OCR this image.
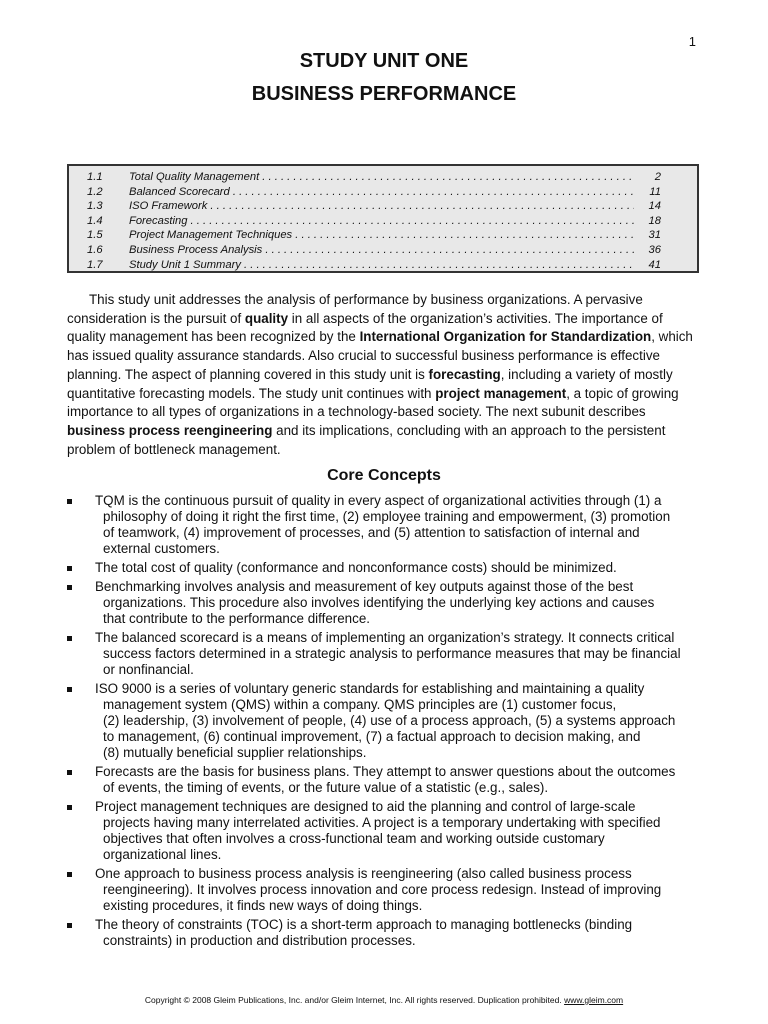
1
STUDY UNIT ONE
BUSINESS PERFORMANCE
1.1 Total Quality Management . . .	2
1.2 Balanced Scorecard . . .	11
1.3 ISO Framework . . .	14
1.4 Forecasting . . .	18
1.5 Project Management Techniques . . .	31
1.6 Business Process Analysis . . .	36
1.7 Study Unit 1 Summary . . .	41

This study unit addresses the analysis of performance by business organizations. A pervasive consideration is the pursuit of quality in all aspects of the organization’s activities. The importance of quality management has been recognized by the International Organization for Standardization, which has issued quality assurance standards. Also crucial to successful business performance is effective planning. The aspect of planning covered in this study unit is forecasting, including a variety of mostly quantitative forecasting models. The study unit continues with project management, a topic of growing importance to all types of organizations in a technology-based society. The next subunit describes business process reengineering and its implications, concluding with an approach to the persistent problem of bottleneck management.

Core Concepts
TQM is the continuous pursuit of quality in every aspect of organizational activities through (1) a
philosophy of doing it right the first time, (2) employee training and empowerment, (3) promotion
of teamwork, (4) improvement of processes, and (5) attention to satisfaction of internal and
external customers.
The total cost of quality (conformance and nonconformance costs) should be minimized.
Benchmarking involves analysis and measurement of key outputs against those of the best
organizations. This procedure also involves identifying the underlying key actions and causes
that contribute to the performance difference.
The balanced scorecard is a means of implementing an organization’s strategy. It connects critical
success factors determined in a strategic analysis to performance measures that may be financial
or nonfinancial.
ISO 9000 is a series of voluntary generic standards for establishing and maintaining a quality
management system (QMS) within a company. QMS principles are (1) customer focus,
(2) leadership, (3) involvement of people, (4) use of a process approach, (5) a systems approach
to management, (6) continual improvement, (7) a factual approach to decision making, and
(8) mutually beneficial supplier relationships.
Forecasts are the basis for business plans. They attempt to answer questions about the outcomes
of events, the timing of events, or the future value of a statistic (e.g., sales).
Project management techniques are designed to aid the planning and control of large-scale
projects having many interrelated activities. A project is a temporary undertaking with specified
objectives that often involves a cross-functional team and working outside customary
organizational lines.
One approach to business process analysis is reengineering (also called business process
reengineering). It involves process innovation and core process redesign. Instead of improving
existing procedures, it finds new ways of doing things.
The theory of constraints (TOC) is a short-term approach to managing bottlenecks (binding
constraints) in production and distribution processes.
Copyright © 2008 Gleim Publications, Inc. and/or Gleim Internet, Inc. All rights reserved. Duplication prohibited. www.gleim.com
